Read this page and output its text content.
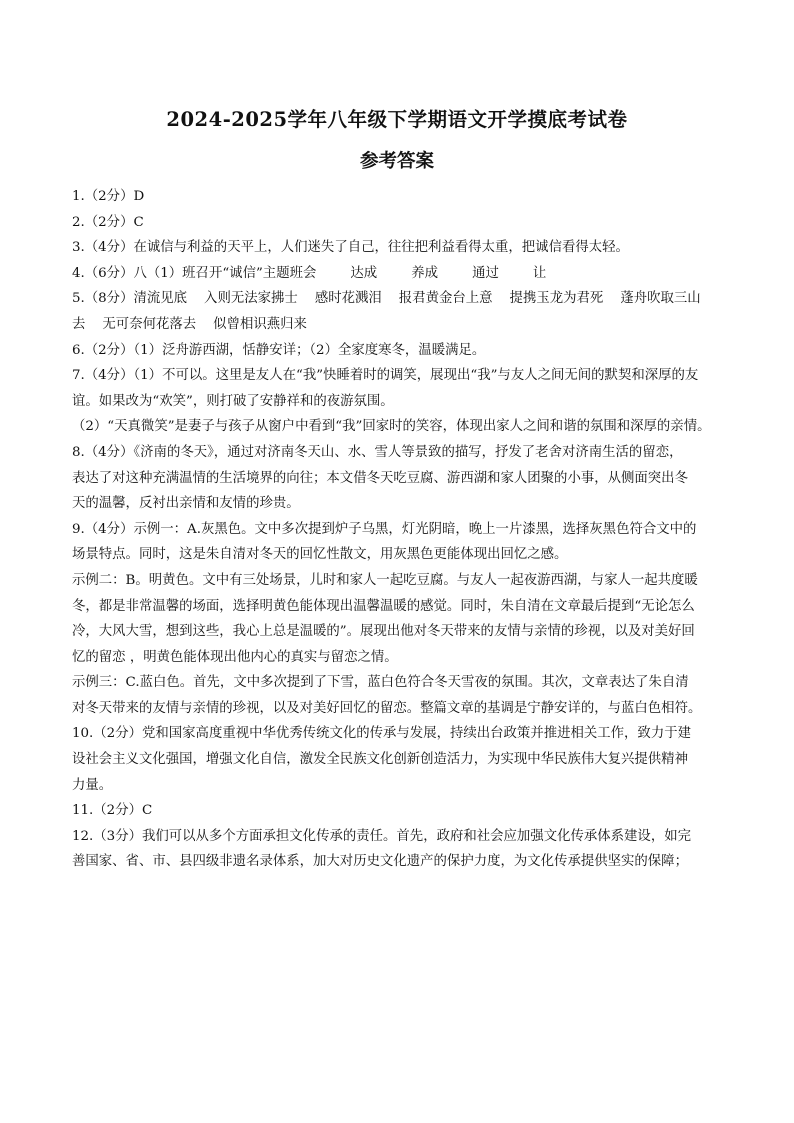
2024-2025学年八年级下学期语文开学摸底考试卷
参考答案
1.（2分）D
2.（2分）C
3.（4分）在诚信与利益的天平上，人们迷失了自己，往往把利益看得太重，把诚信看得太轻。
4.（6分）八（1）班召开“诚信”主题班会        达成        养成        通过        让
5.（8分）清流见底    入则无法家拂士    感时花溅泪    报君黄金台上意    提携玉龙为君死    蓬舟吹取三山
去    无可奈何花落去    似曾相识燕归来
6.（2分）（1）泛舟游西湖，恬静安详；（2）全家度寒冬，温暖满足。
7.（4分）（1）不可以。这里是友人在“我”快睡着时的调笑，展现出“我”与友人之间无间的默契和深厚的友
谊。如果改为“欢笑”，则打破了安静祥和的夜游氛围。
（2）“天真微笑”是妻子与孩子从窗户中看到“我”回家时的笑容，体现出家人之间和谐的氛围和深厚的亲情。
8.（4分）《济南的冬天》，通过对济南冬天山、水、雪人等景致的描写，抒发了老舍对济南生活的留恋，
表达了对这种充满温情的生活境界的向往；本文借冬天吃豆腐、游西湖和家人团聚的小事，从侧面突出冬
天的温馨，反衬出亲情和友情的珍贵。
9.（4分）示例一：A.灰黑色。文中多次提到炉子乌黑，灯光阴暗，晚上一片漆黑，选择灰黑色符合文中的
场景特点。同时，这是朱自清对冬天的回忆性散文，用灰黑色更能体现出回忆之感。
示例二：B。明黄色。文中有三处场景，儿时和家人一起吃豆腐。与友人一起夜游西湖，与家人一起共度暖
冬，都是非常温馨的场面，选择明黄色能体现出温馨温暖的感觉。同时，朱自清在文章最后提到“无论怎么
冷，大风大雪，想到这些，我心上总是温暖的”。展现出他对冬天带来的友情与亲情的珍视，以及对美好回
忆的留恋 ，明黄色能体现出他内心的真实与留恋之情。
示例三：C.蓝白色。首先，文中多次提到了下雪，蓝白色符合冬天雪夜的氛围。其次，文章表达了朱自清
对冬天带来的友情与亲情的珍视，以及对美好回忆的留恋。整篇文章的基调是宁静安详的，与蓝白色相符。
10.（2分）党和国家高度重视中华优秀传统文化的传承与发展，持续出台政策并推进相关工作，致力于建
设社会主义文化强国，增强文化自信，激发全民族文化创新创造活力，为实现中华民族伟大复兴提供精神
力量。
11.（2分）C
12.（3分）我们可以从多个方面承担文化传承的责任。首先，政府和社会应加强文化传承体系建设，如完
善国家、省、市、县四级非遗名录体系，加大对历史文化遗产的保护力度，为文化传承提供坚实的保障；
